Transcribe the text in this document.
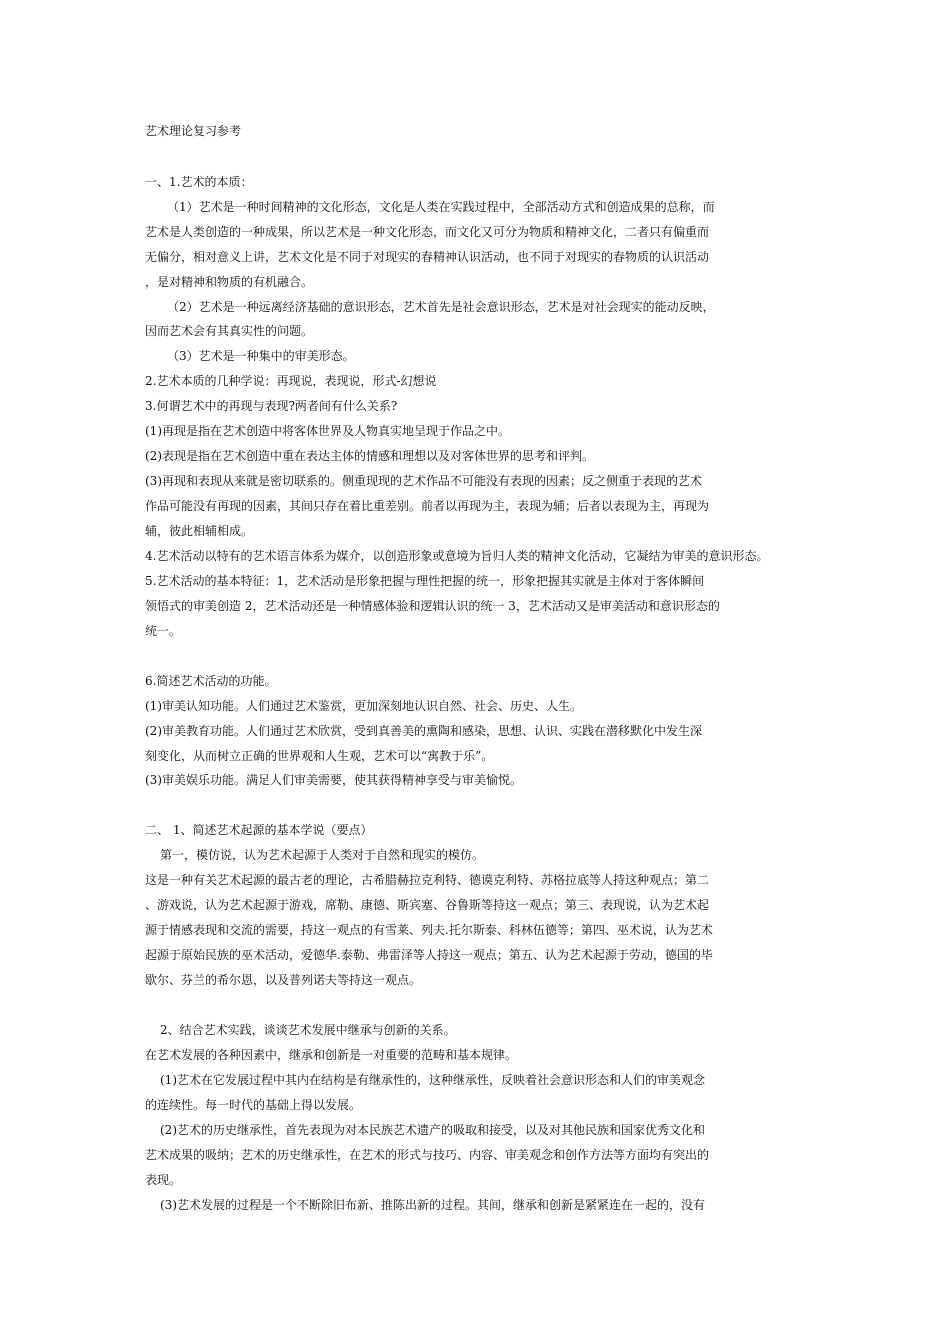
艺术理论复习参考
一、1.艺术的本质：
（1）艺术是一种时间精神的文化形态，文化是人类在实践过程中，全部活动方式和创造成果的总称，而
艺术是人类创造的一种成果，所以艺术是一种文化形态，而文化又可分为物质和精神文化，二者只有偏重而
无偏分，相对意义上讲，艺术文化是不同于对现实的春精神认识活动，也不同于对现实的春物质的认识活动
，是对精神和物质的有机融合。
（2）艺术是一种远离经济基础的意识形态，艺术首先是社会意识形态，艺术是对社会现实的能动反映，
因而艺术会有其真实性的问题。
（3）艺术是一种集中的审美形态。
2.艺术本质的几种学说：再现说，表现说，形式-幻想说
3.何谓艺术中的再现与表现?两者间有什么关系?
(1)再现是指在艺术创造中将客体世界及人物真实地呈现于作品之中。
(2)表现是指在艺术创造中重在表达主体的情感和理想以及对客体世界的思考和评判。
(3)再现和表现从来就是密切联系的。侧重现现的艺术作品不可能没有表现的因素；反之侧重于表现的艺术
作品可能没有再现的因素，其间只存在着比重差别。前者以再现为主，表现为辅；后者以表现为主，再现为
辅，彼此相辅相成。
4.艺术活动以特有的艺术语言体系为媒介，以创造形象或意境为旨归人类的精神文化活动，它凝结为审美的意识形态。
5.艺术活动的基本特征：1，艺术活动是形象把握与理性把握的统一，形象把握其实就是主体对于客体瞬间
领悟式的审美创造 2，艺术活动还是一种情感体验和逻辑认识的统一 3，艺术活动又是审美活动和意识形态的
统一。
6.简述艺术活动的功能。
(1)审美认知功能。人们通过艺术鉴赏，更加深刻地认识自然、社会、历史、人生。
(2)审美教育功能。人们通过艺术欣赏，受到真善美的熏陶和感染，思想、认识、实践在潜移默化中发生深
刻变化，从而树立正确的世界观和人生观，艺术可以“寓教于乐”。
(3)审美娱乐功能。满足人们审美需要，使其获得精神享受与审美愉悦。
二、 1、简述艺术起源的基本学说（要点）
第一，模仿说，认为艺术起源于人类对于自然和现实的模仿。
这是一种有关艺术起源的最古老的理论，古希腊赫拉克利特、德谟克利特、苏格拉底等人持这种观点；第二
、游戏说，认为艺术起源于游戏，席勒、康德、斯宾塞、谷鲁斯等持这一观点；第三、表现说，认为艺术起
源于情感表现和交流的需要，持这一观点的有雪莱、列夫.托尔斯泰、科林伍德等；第四、巫术说，认为艺术
起源于原始民族的巫术活动，爱德华.泰勒、弗雷泽等人持这一观点；第五、认为艺术起源于劳动，德国的毕
歇尔、芬兰的希尔恩，以及普列诺夫等持这一观点。
2、结合艺术实践，谈谈艺术发展中继承与创新的关系。
在艺术发展的各种因素中，继承和创新是一对重要的范畴和基本规律。
(1)艺术在它发展过程中其内在结构是有继承性的，这种继承性，反映着社会意识形态和人们的审美观念
的连续性。每一时代的基础上得以发展。
(2)艺术的历史继承性，首先表现为对本民族艺术遗产的吸取和接受，以及对其他民族和国家优秀文化和
艺术成果的吸纳；艺术的历史继承性，在艺术的形式与技巧、内容、审美观念和创作方法等方面均有突出的
表现。
(3)艺术发展的过程是一个不断除旧布新、推陈出新的过程。其间，继承和创新是紧紧连在一起的，没有
